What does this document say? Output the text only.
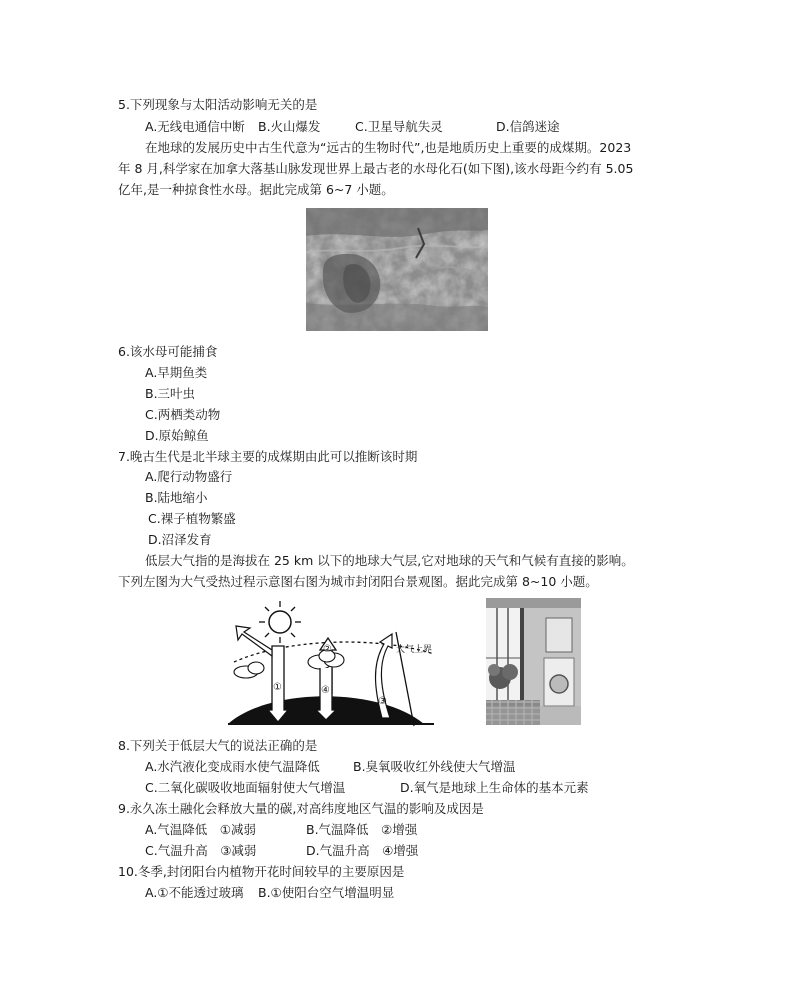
5.下列现象与太阳活动影响无关的是
A.无线电通信中断 B.火山爆发	C.卫星导航失灵	D.信鸽迷途
在地球的发展历史中古生代意为“远古的生物时代”,也是地质历史上重要的成煤期。2023
年 8 月,科学家在加拿大落基山脉发现世界上最古老的水母化石(如下图),该水母距今约有 5.05
亿年,是一种掠食性水母。据此完成第 6~7 小题。
6.该水母可能捕食
A.早期鱼类
B.三叶虫
C.两栖类动物
D.原始鲸鱼
7.晚古生代是北半球主要的成煤期由此可以推断该时期
A.爬行动物盛行
B.陆地缩小
C.裸子植物繁盛
D.沼泽发育
低层大气指的是海拔在 25 km 以下的地球大气层,它对地球的天气和气候有直接的影响。
下列左图为大气受热过程示意图右图为城市封闭阳台景观图。据此完成第 8~10 小题。
大气上界
①
②
③
④
8.下列关于低层大气的说法正确的是
A.水汽液化变成雨水使气温降低	B.臭氧吸收红外线使大气增温
C.二氧化碳吸收地面辐射使大气增温	D.氧气是地球上生命体的基本元素
9.永久冻土融化会释放大量的碳,对高纬度地区气温的影响及成因是
A.气温降低　①减弱	B.气温降低　②增强
C.气温升高　③减弱	D.气温升高　④增强
10.冬季,封闭阳台内植物开花时间较早的主要原因是
A.①不能透过玻璃 B.①使阳台空气增温明显
